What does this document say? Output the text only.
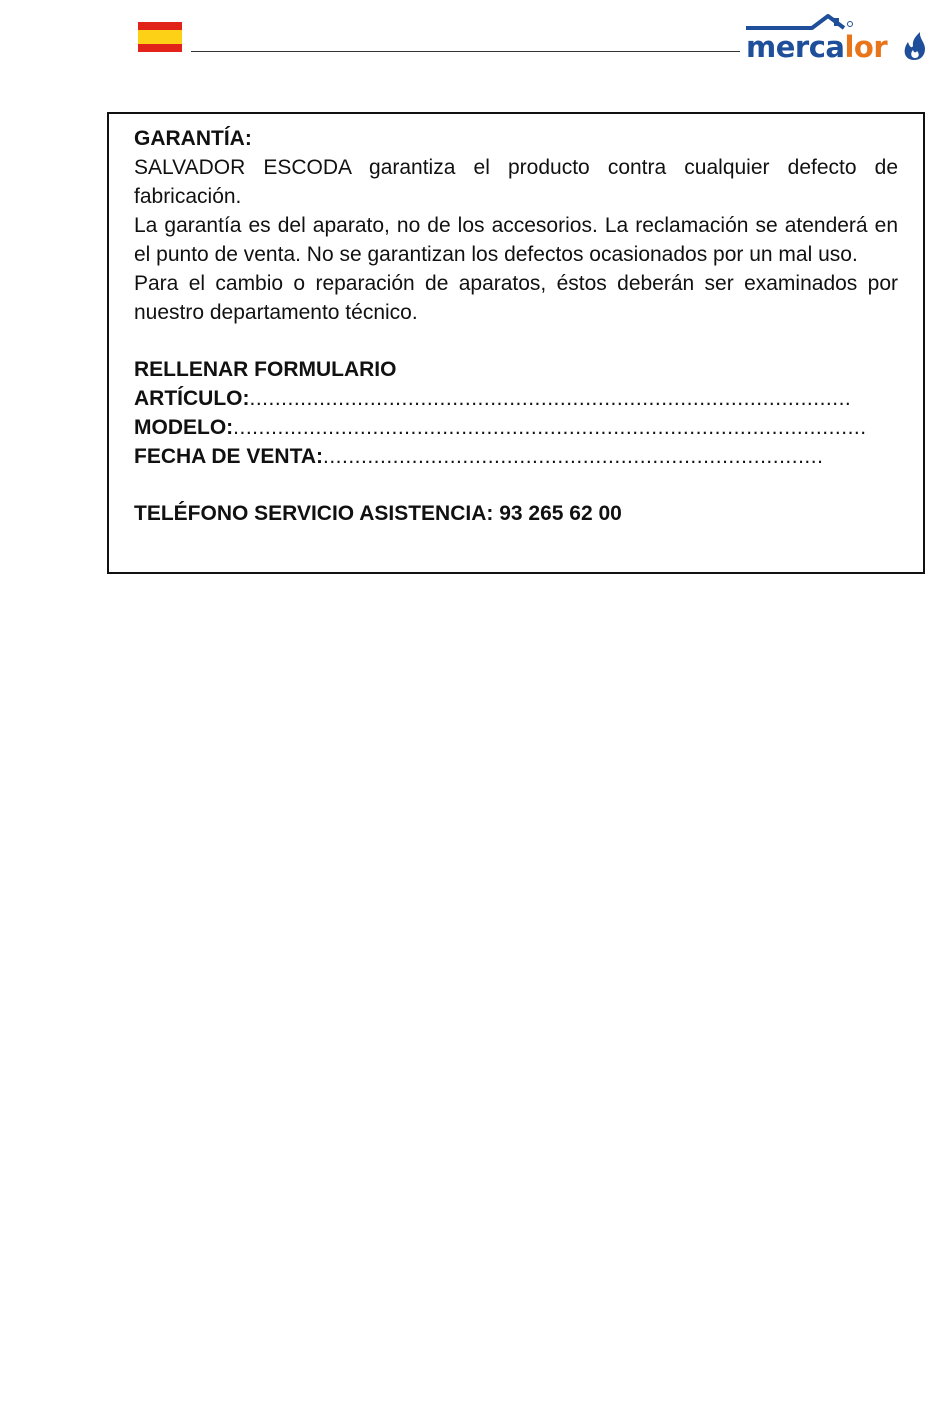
mercalor
GARANTÍA:

SALVADOR ESCODA garantiza el producto contra cualquier defecto de fabricación.

La garantía es del aparato, no de los accesorios. La reclamación se atenderá en el punto de venta. No se garantizan los defectos ocasionados por un mal uso.

Para el cambio o reparación de aparatos, éstos deberán ser examinados por nuestro departamento técnico.

RELLENAR FORMULARIO
ARTÍCULO:...............................................................................................
MODELO:....................................................................................................
FECHA DE VENTA:...............................................................................
TELÉFONO SERVICIO ASISTENCIA: 93 265 62 00
